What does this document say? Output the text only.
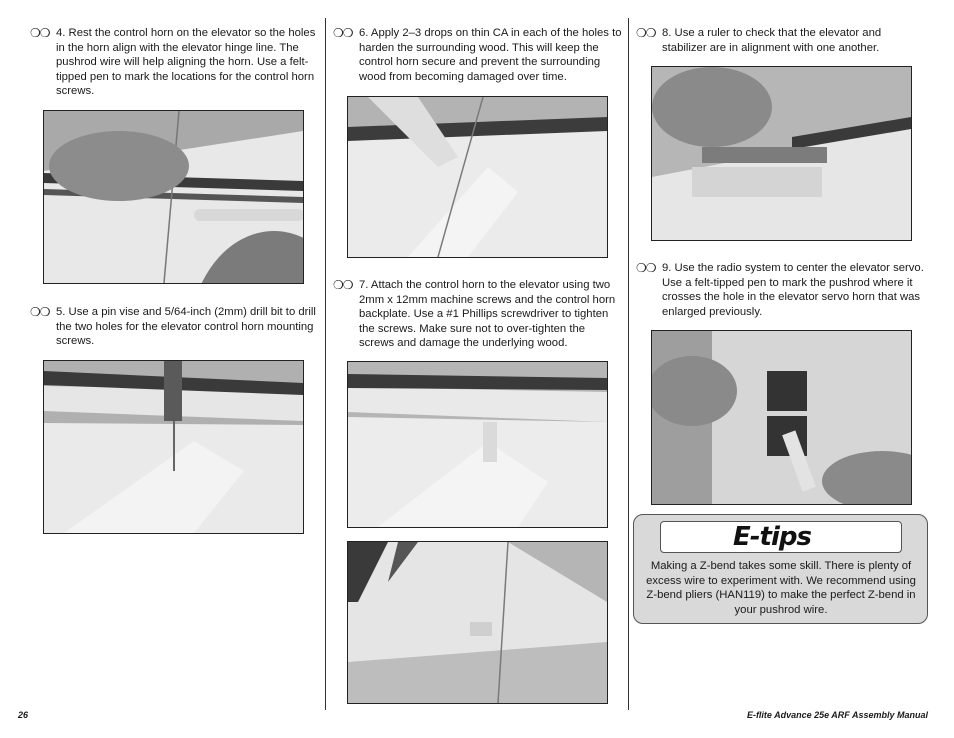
❍❍ 4. Rest the control horn on the elevator so the holes in the horn align with the elevator hinge line. The pushrod wire will help aligning the horn. Use a felt-tipped pen to mark the locations for the control horn screws.
❍❍ 5. Use a pin vise and 5/64-inch (2mm) drill bit to drill the two holes for the elevator control horn mounting screws.
❍❍ 6. Apply 2–3 drops on thin CA in each of the holes to harden the surrounding wood. This will keep the control horn secure and prevent the surrounding wood from becoming damaged over time.
❍❍ 7. Attach the control horn to the elevator using two 2mm x 12mm machine screws and the control horn backplate. Use a #1 Phillips screwdriver to tighten the screws. Make sure not to over-tighten the screws and damage the underlying wood.
❍❍ 8. Use a ruler to check that the elevator and stabilizer are in alignment with one another.
❍❍ 9. Use the radio system to center the elevator servo. Use a felt-tipped pen to mark the pushrod where it crosses the hole in the elevator servo horn that was enlarged previously.
E-tips
Making a Z-bend takes some skill. There is plenty of excess wire to experiment with. We recommend using Z-bend pliers (HAN119) to make the perfect Z-bend in your pushrod wire.
26	E-flite Advance 25e ARF Assembly Manual
